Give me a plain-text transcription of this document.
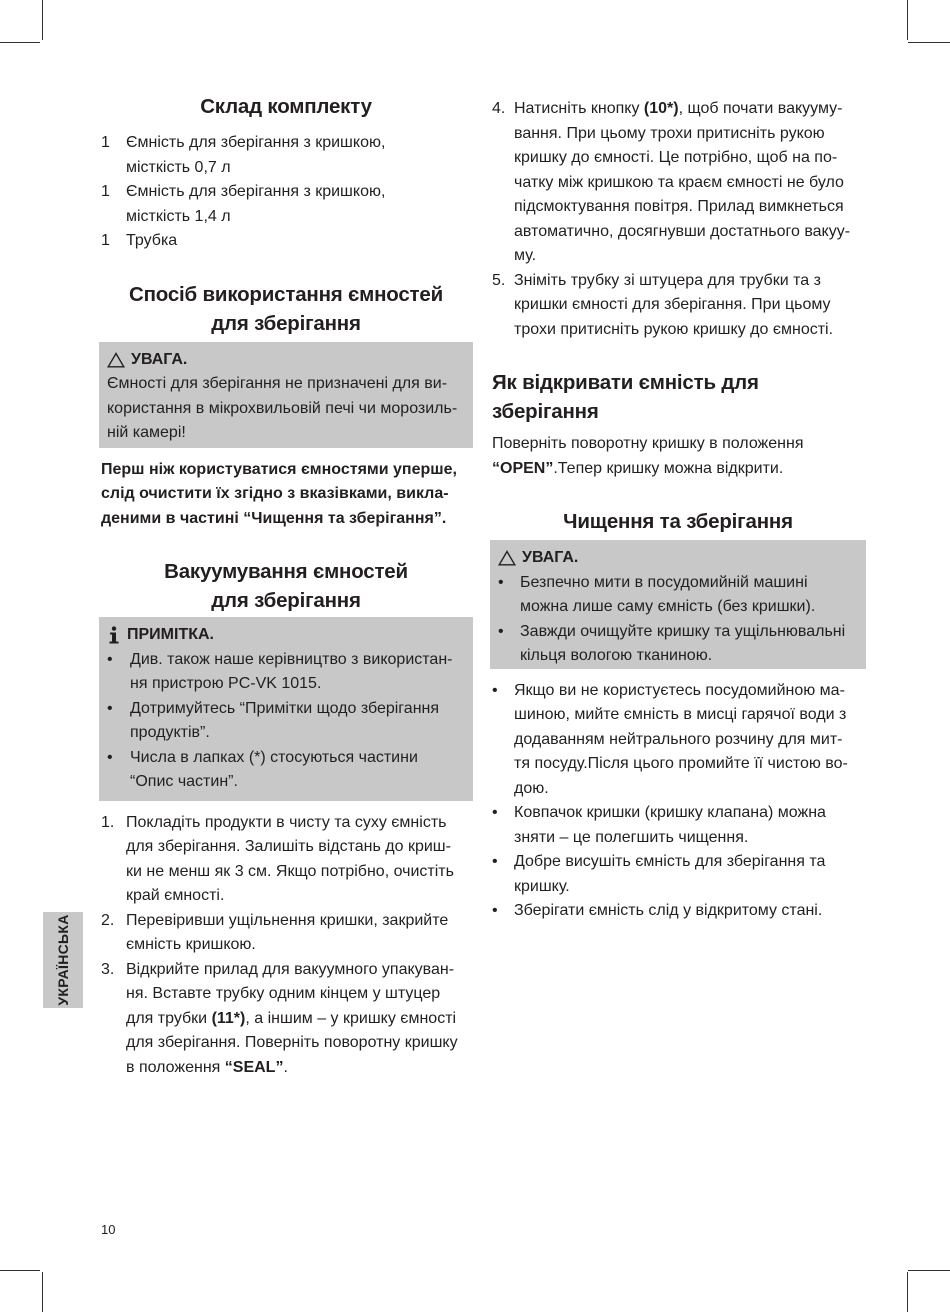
УКРАЇНСЬКА
Склад комплекту
1 Ємність для зберігання з кришкою,
місткість 0,7 л
1 Ємність для зберігання з кришкою,
місткість 1,4 л
1 Трубка
Спосіб використання ємностей
для зберігання
УВАГА.

Ємності для зберігання не призначені для ви-

користання в мікрохвильовій печі чи морозиль-

ній камері!

Перш ніж користуватися ємностями уперше,

слід очистити їх згідно з вказівками, викла-

деними в частині “Чищення та зберігання”.

Вакуумування ємностей
для зберігання
ПРИМІТКА.
• Див. також наше керівництво з використан-
ня пристрою PC-VK 1015.
• Дотримуйтесь “Примітки щодо зберігання
продуктів”.
• Числа в лапках (*) стосуються частини
“Опис частин”.
1. Покладіть продукти в чисту та суху ємність
для зберігання. Залишіть відстань до криш-
ки не менш як 3 см. Якщо потрібно, очистіть
край ємності.
2. Перевіривши ущільнення кришки, закрийте
ємність кришкою.
3. Відкрийте прилад для вакуумного упакуван-
ня. Вставте трубку одним кінцем у штуцер
для трубки (11*), а іншим – у кришку ємності
для зберігання. Поверніть поворотну кришку
в положення “SEAL”.
4. Натисніть кнопку (10*), щоб почати вакууму-
вання. При цьому трохи притисніть рукою
кришку до ємності. Це потрібно, щоб на по-
чатку між кришкою та краєм ємності не було
підсмоктування повітря. Прилад вимкнеться
автоматично, досягнувши достатнього вакуу-
му.
5. Зніміть трубку зі штуцера для трубки та з
кришки ємності для зберігання. При цьому
трохи притисніть рукою кришку до ємності.
Як відкривати ємність для зберігання
Поверніть поворотну кришку в положення
“OPEN”.Тепер кришку можна відкрити.
Чищення та зберігання
УВАГА.
• Безпечно мити в посудомийній машині
можна лише саму ємність (без кришки).
• Завжди очищуйте кришку та ущільнювальні
кільця вологою тканиною.
• Якщо ви не користуєтесь посудомийною ма-
шиною, мийте ємність в мисці гарячої води з
додаванням нейтрального розчину для мит-
тя посуду.Після цього промийте її чистою во-
дою.
• Ковпачок кришки (кришку клапана) можна
зняти – це полегшить чищення.
• Добре висушіть ємність для зберігання та
кришку.
• Зберігати ємність слід у відкритому стані.
10
